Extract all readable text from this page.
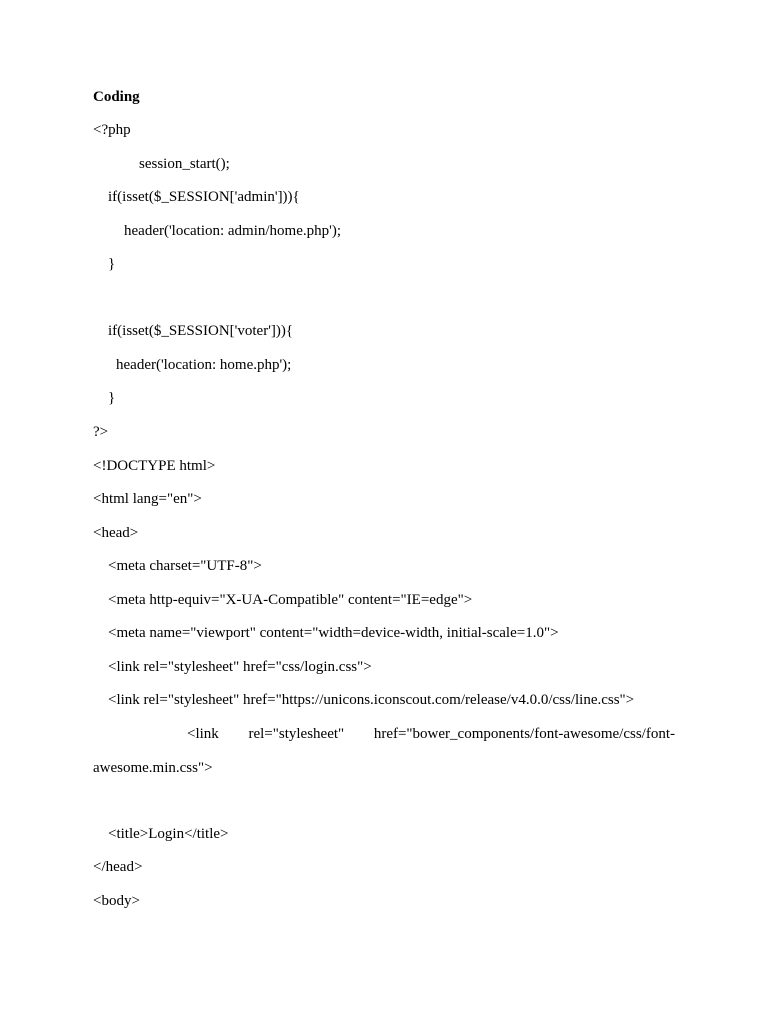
Coding
<?php
session_start();
if(isset($_SESSION['admin'])){
header('location: admin/home.php');
}
if(isset($_SESSION['voter'])){
header('location: home.php');
}
?>
<!DOCTYPE html>
<html lang="en">
<head>
<meta charset="UTF-8">
<meta http-equiv="X-UA-Compatible" content="IE=edge">
<meta name="viewport" content="width=device-width, initial-scale=1.0">
<link rel="stylesheet" href="css/login.css">
<link rel="stylesheet" href="https://unicons.iconscout.com/release/v4.0.0/css/line.css">
<link rel="stylesheet" href="bower_components/font-awesome/css/font-
awesome.min.css">
<title>Login</title>
</head>
<body>
